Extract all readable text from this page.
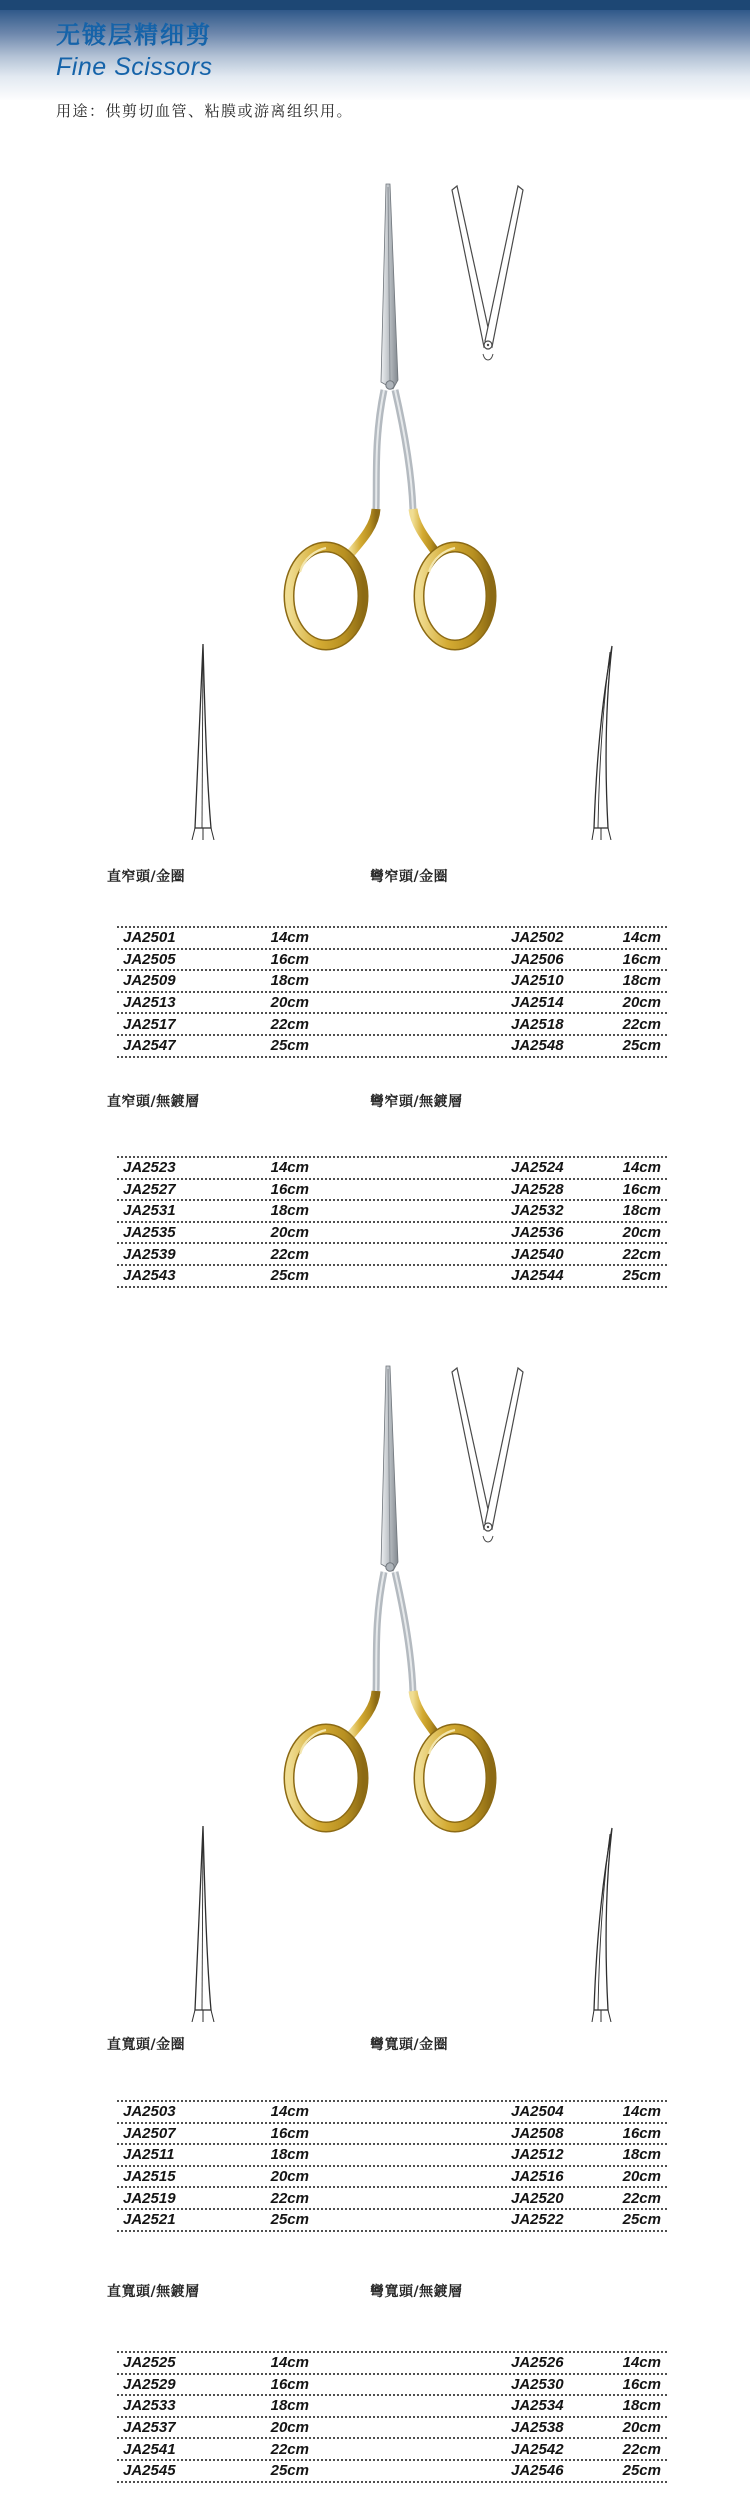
无镀层精细剪
Fine Scissors
用途：供剪切血管、粘膜或游离组织用。
直窄頭/金圈	彎窄頭/金圈
JA2501	14cm	JA2502	14cm
JA2505	16cm	JA2506	16cm
JA2509	18cm	JA2510	18cm
JA2513	20cm	JA2514	20cm
JA2517	22cm	JA2518	22cm
JA2547	25cm	JA2548	25cm
直窄頭/無鍍層	彎窄頭/無鍍層
JA2523	14cm	JA2524	14cm
JA2527	16cm	JA2528	16cm
JA2531	18cm	JA2532	18cm
JA2535	20cm	JA2536	20cm
JA2539	22cm	JA2540	22cm
JA2543	25cm	JA2544	25cm
直寬頭/金圈	彎寬頭/金圈
JA2503	14cm	JA2504	14cm
JA2507	16cm	JA2508	16cm
JA2511	18cm	JA2512	18cm
JA2515	20cm	JA2516	20cm
JA2519	22cm	JA2520	22cm
JA2521	25cm	JA2522	25cm
直寬頭/無鍍層	彎寬頭/無鍍層
JA2525	14cm	JA2526	14cm
JA2529	16cm	JA2530	16cm
JA2533	18cm	JA2534	18cm
JA2537	20cm	JA2538	20cm
JA2541	22cm	JA2542	22cm
JA2545	25cm	JA2546	25cm
